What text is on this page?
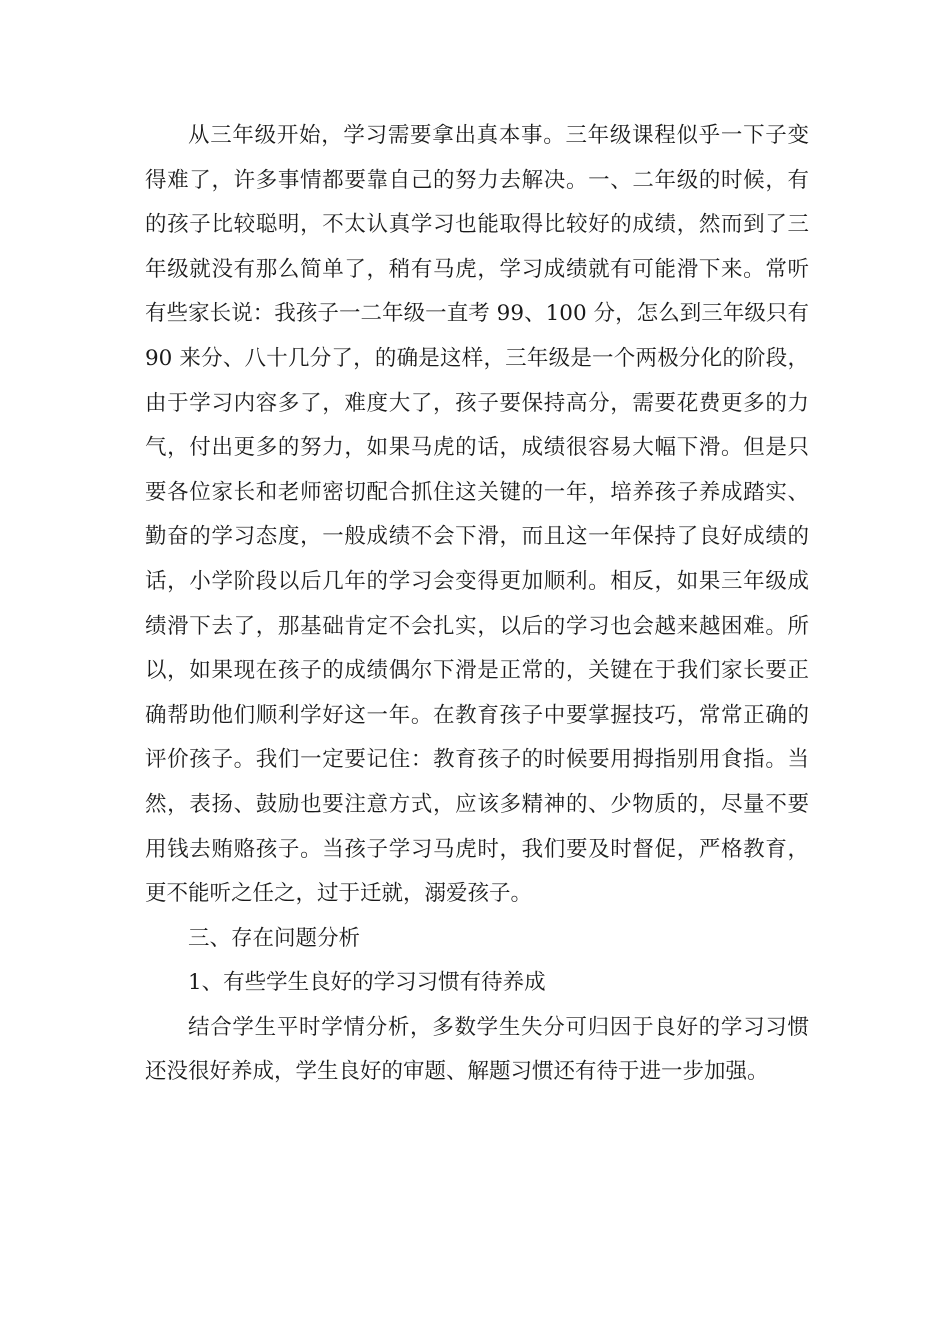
从三年级开始，学习需要拿出真本事。三年级课程似乎一下子变得难了，许多事情都要靠自己的努力去解决。一、二年级的时候，有的孩子比较聪明，不太认真学习也能取得比较好的成绩，然而到了三年级就没有那么简单了，稍有马虎，学习成绩就有可能滑下来。常听有些家长说：我孩子一二年级一直考 99、100 分，怎么到三年级只有 90 来分、八十几分了，的确是这样，三年级是一个两极分化的阶段，由于学习内容多了，难度大了，孩子要保持高分，需要花费更多的力气，付出更多的努力，如果马虎的话，成绩很容易大幅下滑。但是只要各位家长和老师密切配合抓住这关键的一年，培养孩子养成踏实、勤奋的学习态度，一般成绩不会下滑，而且这一年保持了良好成绩的话，小学阶段以后几年的学习会变得更加顺利。相反，如果三年级成绩滑下去了，那基础肯定不会扎实，以后的学习也会越来越困难。所以，如果现在孩子的成绩偶尔下滑是正常的，关键在于我们家长要正确帮助他们顺利学好这一年。在教育孩子中要掌握技巧，常常正确的评价孩子。我们一定要记住：教育孩子的时候要用拇指别用食指。当然，表扬、鼓励也要注意方式，应该多精神的、少物质的，尽量不要用钱去贿赂孩子。当孩子学习马虎时，我们要及时督促，严格教育，更不能听之任之，过于迁就，溺爱孩子。

三、存在问题分析

1、有些学生良好的学习习惯有待养成

结合学生平时学情分析，多数学生失分可归因于良好的学习习惯还没很好养成，学生良好的审题、解题习惯还有待于进一步加强。
